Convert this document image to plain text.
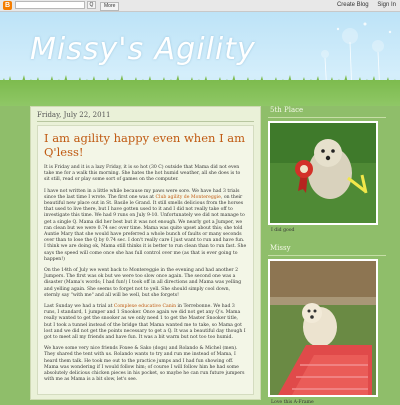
B	Q	More	Create Blog Sign In
Missy's Agility
Friday, July 22, 2011
I am agility happy even when I am Q'less!

It is Friday and it is a lazy Friday, it is so hot (30 C) outside that Mama did not even take me for a walk this morning. She hates the hot humid weather, all she does is to sit still, read or play some sort of games on the computer.

I have not written in a little while because my paws were sore. We have had 3 trials since the last time I wrote. The first one was at Club agility de Montereggie, on their beautiful new place out in St. Basile le Grand. It still smells delicious from the horses that used to live there, but I have gotten used to it and I did not really take off to investigate this time. We had 9 runs on July 9-10. Unfortunately we did not manage to get a single Q. Mama did her best but it was not enough. We nearly got a Jumper, we ran clean but we were 0.74 sec over time. Mama was quite upset about this; she told Auntie Mary that she would have preferred a whole bunch of faults or many seconds over than to lose the Q by 0.74 sec. I don't really care I just want to run and have fun. I think we are doing ok, Mama still thinks it is better to run clean than to run fast. She says the speed will come once she has full control over me (as that is ever going to happen!)

On the 14th of July we went back to Montereggie in the evening and had another 2 Jumpers. The first was ok but we were too slow once again. The second one was a disaster (Mama's words; I had fun!) I took off in all directions and Mama was yelling and yelling again. She seems to forget not to yell. She should simply cool down, sternly say "with me" and all will be well, but she forgets!

Last Sunday we had a trial at Complexe educative Canin in Terrebonne. We had 3 runs, I standard, 1 jumper and 1 Snooker. Once again we did not get any Q's. Mama really wanted to get the snooker as we only need 1 to get the Master Snooker title, but I took a tunnel instead of the bridge that Mama wanted me to take, so Mama got lost and we did not get the points necessary to get a Q. It was a beautiful day though I got to meet all my friends and have fun. It was a bit warm but not too too humid.

We have some very nice friends Foxee & Sako (dogs) and Rolando & Michel (men). They shared the tent with us. Rolando wants to try and run me instead of Mama, I heard them talk. He took me out to the practice jumps and I had fun showing off. Mama was wondering if I would follow him; of course I will follow him he had some absolutely delicious chicken pieces in his pocket, so maybe he can run future jumpers with me as Mama is a bit slow, let's see.

5th Place
I did good
Missy
Love this A-Frame
